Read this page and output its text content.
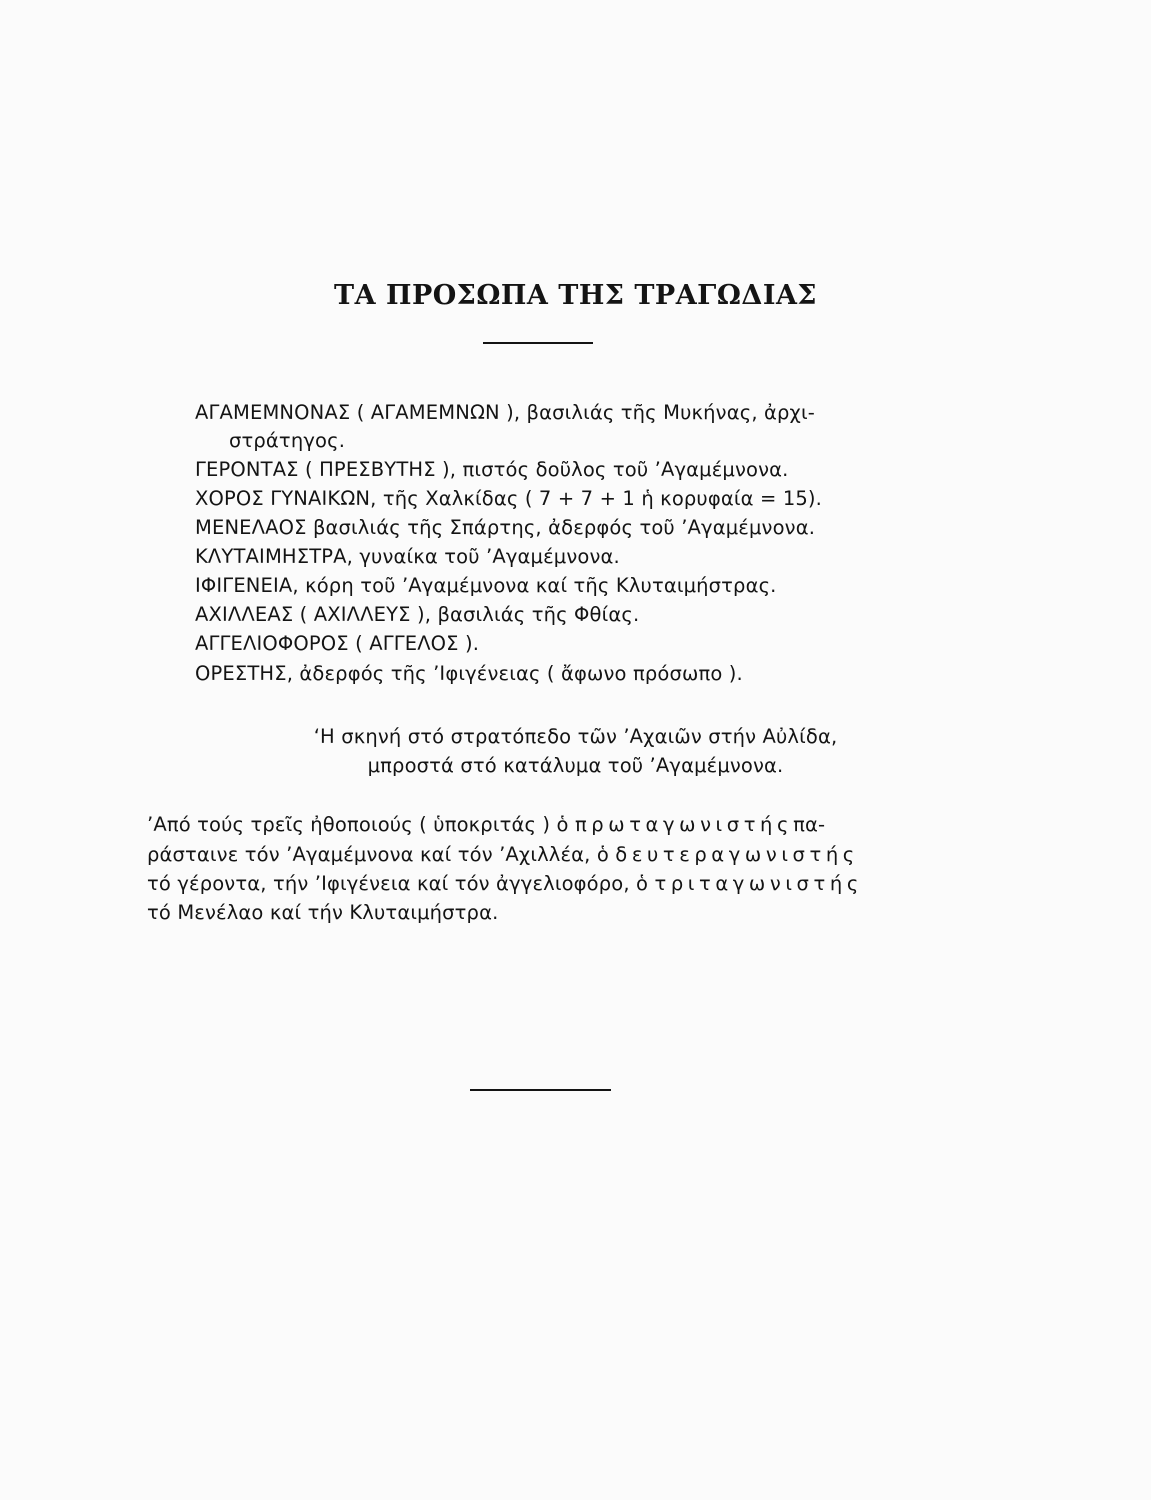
ΤΑ ΠΡΟΣΩΠΑ ΤΗΣ ΤΡΑΓΩΔΙΑΣ
ΑΓΑΜΕΜΝΟΝΑΣ ( ΑΓΑΜΕΜΝΩΝ ), βασιλιάς τῆς Μυκήνας, ἀρχι-
στράτηγος.
ΓΕΡΟΝΤΑΣ ( ΠΡΕΣΒΥΤΗΣ ), πιστός δοῦλος τοῦ ’Αγαμέμνονα.
ΧΟΡΟΣ ΓΥΝΑΙΚΩΝ, τῆς Χαλκίδας ( 7 + 7 + 1 ἡ κορυφαία = 15).
ΜΕΝΕΛΑΟΣ βασιλιάς τῆς Σπάρτης, ἀδερφός τοῦ ’Αγαμέμνονα.
ΚΛΥΤΑΙΜΗΣΤΡΑ, γυναίκα τοῦ ’Αγαμέμνονα.
ΙΦΙΓΕΝΕΙΑ, κόρη τοῦ ’Αγαμέμνονα καί τῆς Κλυταιμήστρας.
ΑΧΙΛΛΕΑΣ ( ΑΧΙΛΛΕΥΣ ), βασιλιάς τῆς Φθίας.
ΑΓΓΕΛΙΟΦΟΡΟΣ ( ΑΓΓΕΛΟΣ ).
ΟΡΕΣΤΗΣ, ἀδερφός τῆς ’Ιφιγένειας ( ἄφωνο πρόσωπο ).
‘Η σκηνή στό στρατόπεδο τῶν ’Αχαιῶν στήν Αὐλίδα,
μπροστά στό κατάλυμα τοῦ ’Αγαμέμνονα.
’Από τούς τρεῖς ἠθοποιούς ( ὑποκριτάς ) ὁ πρωταγωνιστήςπα-
ράσταινε τόν ’Αγαμέμνονα καί τόν ’Αχιλλέα, ὁ δευτεραγωνιστής
τό γέροντα, τήν ’Ιφιγένεια καί τόν ἀγγελιοφόρο, ὁ τριταγωνιστής
τό Μενέλαο καί τήν Κλυταιμήστρα.
